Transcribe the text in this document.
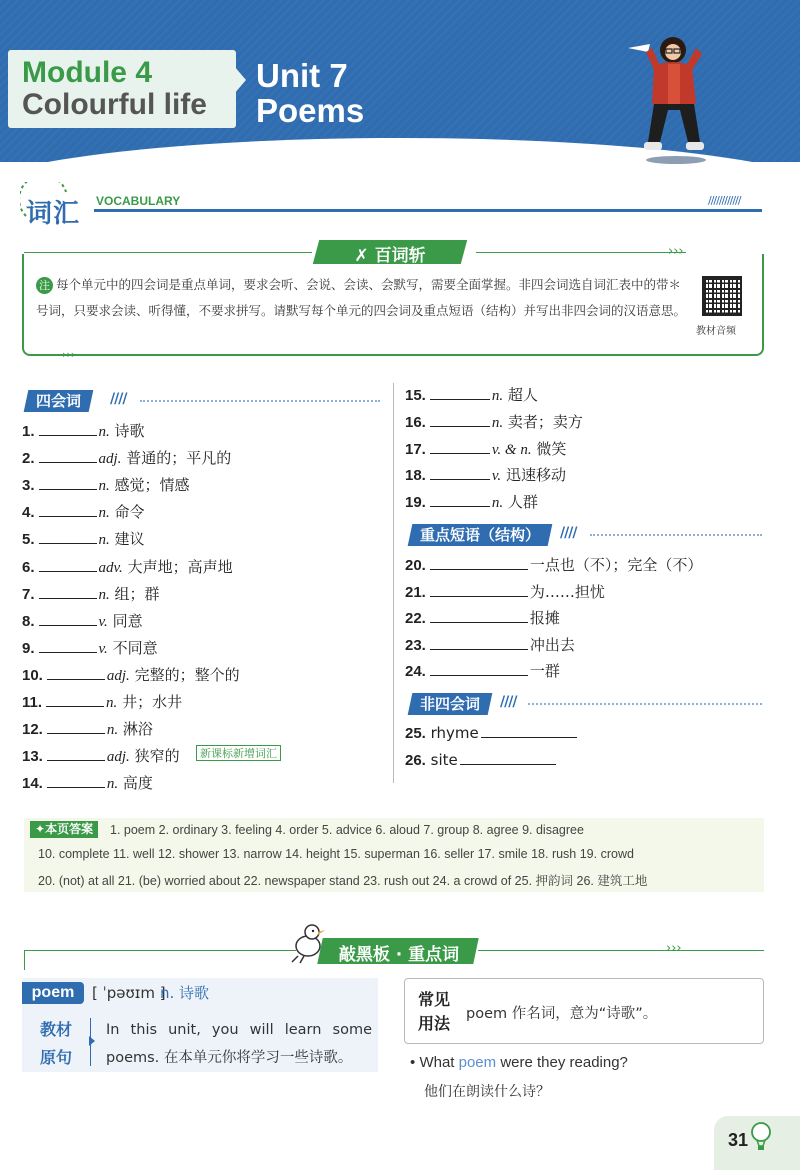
Module 4
Colourful life
Unit 7
Poems
词汇 VOCABULARY	////////////
›››
✗ 百词斩
注 每个单元中的四会词是重点单词，要求会听、会说、会读、会默写，需要全面掌握。非四会词选自词汇表中的带＊号词，只要求会读、听得懂，不要求拼写。请默写每个单元的四会词及重点短语（结构）并写出非四会词的汉语意思。
教材音频
›››
四会词	////
1.	n. 诗歌
2.	adj. 普通的；平凡的
3.	n. 感觉；情感
4.	n. 命令
5.	n. 建议
6.	adv. 大声地；高声地
7.	n. 组；群
8.	v. 同意
9.	v. 不同意
10.	adj. 完整的；整个的
11.	n. 井；水井
12.	n. 淋浴
13.	adj. 狭窄的
14.	n. 高度
新课标新增词汇
15.	n. 超人
16.	n. 卖者；卖方
17.	v. & n. 微笑
18.	v. 迅速移动
19.	n. 人群
重点短语（结构）	////
20.	一点也（不）；完全（不）
21.	为……担忧
22.	报摊
23.	冲出去
24.	一群
非四会词	////
25. rhyme
26. site
✦本页答案	1. poem 2. ordinary 3. feeling 4. order 5. advice 6. aloud 7. group 8. agree 9. disagree
10. complete 11. well 12. shower 13. narrow 14. height 15. superman 16. seller 17. smile 18. rush 19. crowd
20. (not) at all 21. (be) worried about 22. newspaper stand 23. rush out 24. a crowd of 25. 押韵词 26. 建筑工地
›››
敲黑板 · 重点词
poem	[ ˈpəʊɪm ]
n. 诗歌
教材原句
In this unit, you will learn some poems. 在本单元你将学习一些诗歌。
常见用法 poem 作名词，意为“诗歌”。
• What poem were they reading?
他们在朗读什么诗？
31
